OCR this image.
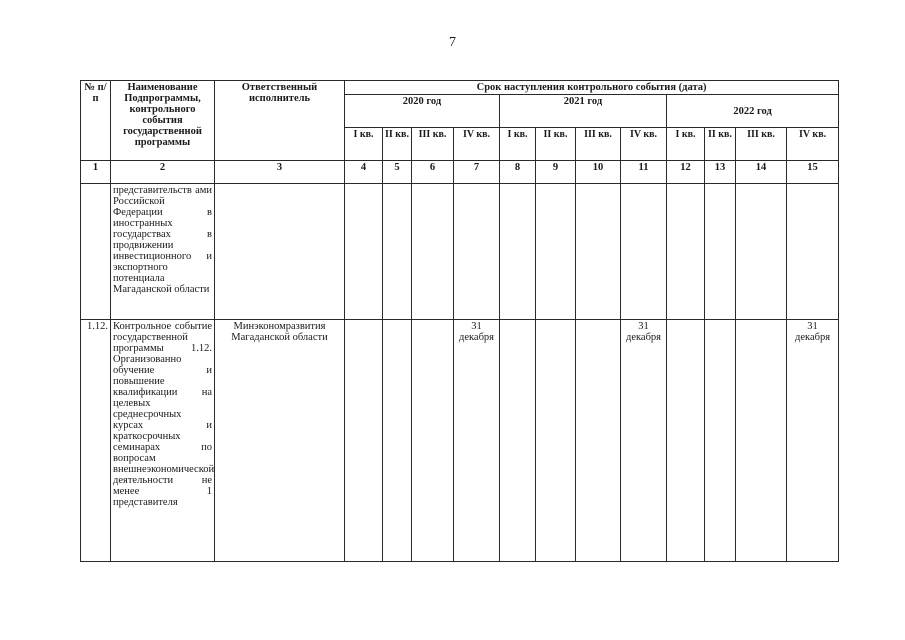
7
№ п/п	Наименование Подпрограммы, контрольного события государственной программы	Ответственный исполнитель	Срок наступления контрольного события (дата)											
			2020 год				2021 год				2022 год			
			I кв.	II кв.	III кв.	IV кв.	I кв.	II кв.	III кв.	IV кв.	I кв.	II кв.	III кв.	IV кв.
1	2	3	4	5	6	7	8	9	10	11	12	13	14	15
	представительств ами Российской Федерации в иностранных государствах в продвижении инвестиционного и экспортного потенциала Магаданской области													
1.12.	Контрольное событие государственной программы 1.12. Организованно обучение и повышение квалификации на целевых среднесрочных курсах и краткосрочных семинарах по вопросам внешнеэкономической деятельности не менее 1 представителя	Минэкономразвития Магаданской области				31 декабря				31 декабря				31 декабря
